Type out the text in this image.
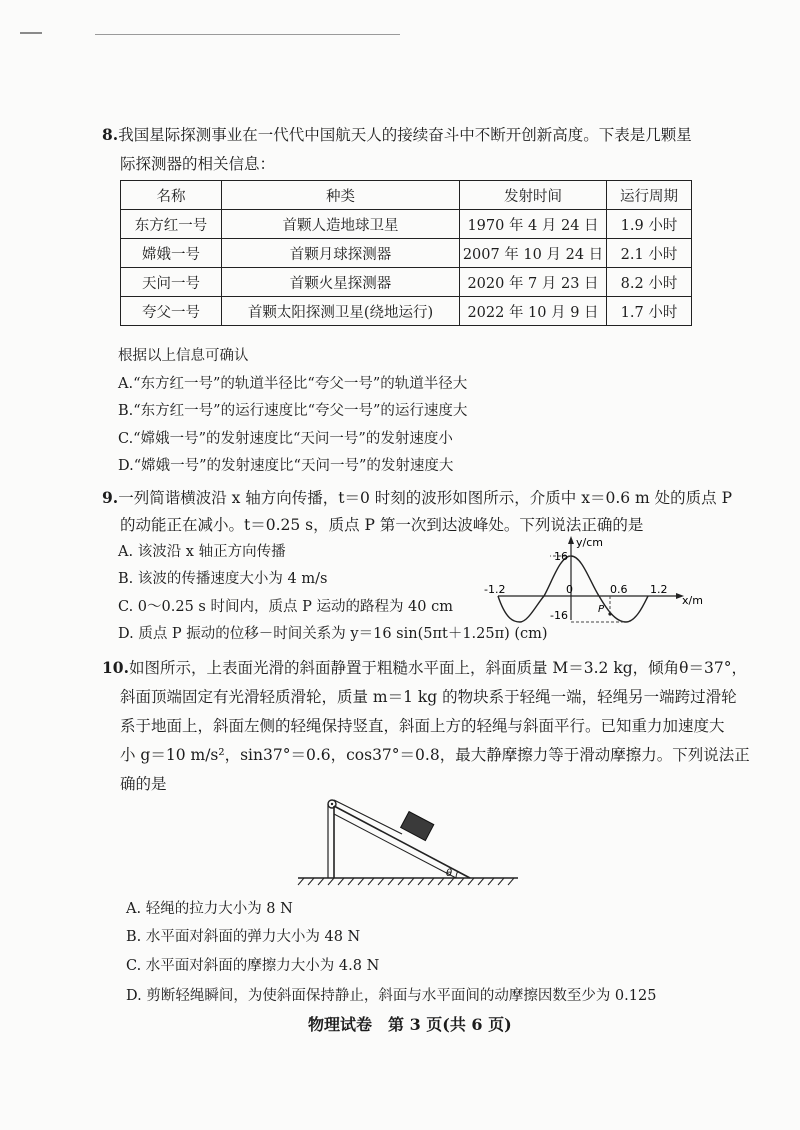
8.我国星际探测事业在一代代中国航天人的接续奋斗中不断开创新高度。下表是几颗星
际探测器的相关信息：
名称	种类	发射时间	运行周期
东方红一号	首颗人造地球卫星	1970 年 4 月 24 日	1.9 小时
嫦娥一号	首颗月球探测器	2007 年 10 月 24 日	2.1 小时
天问一号	首颗火星探测器	2020 年 7 月 23 日	8.2 小时
夸父一号	首颗太阳探测卫星(绕地运行)	2022 年 10 月 9 日	1.7 小时
根据以上信息可确认
A.“东方红一号”的轨道半径比“夸父一号”的轨道半径大
B.“东方红一号”的运行速度比“夸父一号”的运行速度大
C.“嫦娥一号”的发射速度比“天问一号”的发射速度小
D.“嫦娥一号”的发射速度比“天问一号”的发射速度大
9.一列简谐横波沿 x 轴方向传播，t＝0 时刻的波形如图所示，介质中 x＝0.6 m 处的质点 P
的动能正在减小。t＝0.25 s，质点 P 第一次到达波峰处。下列说法正确的是
A. 该波沿 x 轴正方向传播
B. 该波的传播速度大小为 4 m/s
C. 0～0.25 s 时间内，质点 P 运动的路程为 40 cm
D. 质点 P 振动的位移－时间关系为 y＝16 sin(5πt＋1.25π) (cm)
y/cm
x/m
16
-16
-1.2	0	0.6 1.2
P
10.如图所示，上表面光滑的斜面静置于粗糙水平面上，斜面质量 M＝3.2 kg，倾角θ＝37°，
斜面顶端固定有光滑轻质滑轮，质量 m＝1 kg 的物块系于轻绳一端，轻绳另一端跨过滑轮
系于地面上，斜面左侧的轻绳保持竖直，斜面上方的轻绳与斜面平行。已知重力加速度大
小 g＝10 m/s²，sin37°＝0.6，cos37°＝0.8，最大静摩擦力等于滑动摩擦力。下列说法正
确的是
θ
A. 轻绳的拉力大小为 8 N
B. 水平面对斜面的弹力大小为 48 N
C. 水平面对斜面的摩擦力大小为 4.8 N
D. 剪断轻绳瞬间，为使斜面保持静止，斜面与水平面间的动摩擦因数至少为 0.125
物理试卷　第 3 页(共 6 页)
